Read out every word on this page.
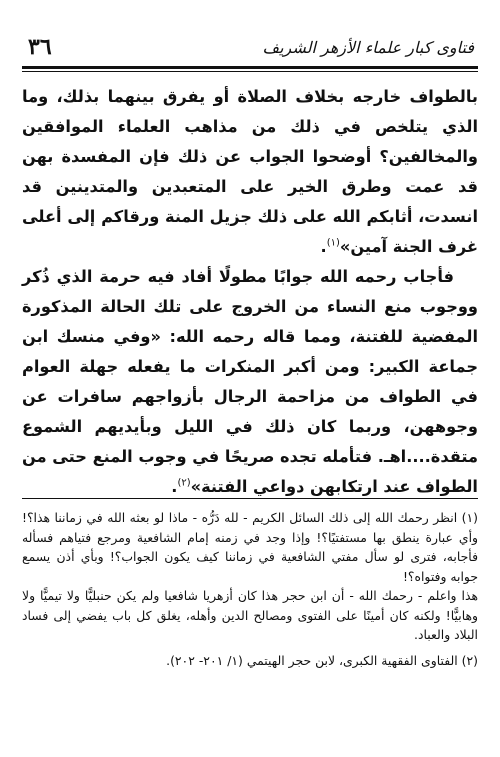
فتاوى كبار علماء الأزهر الشريف
٣٦

بالطواف خارجه بخلاف الصلاة أو يفرق بينهما بذلك، وما الذي يتلخص في ذلك من مذاهب العلماء الموافقين والمخالفين؟ أوضحوا الجواب عن ذلك فإن المفسدة بهن قد عمت وطرق الخير على المتعبدين والمتدينين قد انسدت، أثابكم الله على ذلك جزيل المنة ورقاكم إلى أعلى غرف الجنة آمين»$^{(١)}$.

فأجاب رحمه الله جوابًا مطولًا أفاد فيه حرمة الذي ذُكر ووجوب منع النساء من الخروج على تلك الحالة المذكورة المفضية للفتنة، ومما قاله رحمه الله: «وفي منسك ابن جماعة الكبير: ومن أكبر المنكرات ما يفعله جهلة العوام في الطواف من مزاحمة الرجال بأزواجهم سافرات عن وجوههن، وربما كان ذلك في الليل وبأيديهم الشموع متقدة....اهـ. فتأمله تجده صريحًا في وجوب المنع حتى من الطواف عند ارتكابهن دواعي الفتنة»$^{(٢)}$.

(١) انظر رحمك الله إلى ذلك السائل الكريم - لله دَرُّه - ماذا لو بعثه الله في زماننا هذا؟! وأي عبارة ينطق بها مستفتيًا؟! وإذا وجد في زمنه إمام الشافعية ومرجع فتياهم فسأله فأجابه، فترى لو سأل مفتي الشافعية في زماننا كيف يكون الجواب؟! وبأي أذن يسمع جوابه وفتواه؟!

هذا واعلم - رحمك الله - أن ابن حجر هذا كان أزهريا شافعيا ولم يكن حنبليًّا ولا تيميًّا ولا وهابيًّا! ولكنه كان أمينًا على الفتوى ومصالح الدين وأهله، يغلق كل باب يفضي إلى فساد البلاد والعباد.

(٢) الفتاوى الفقهية الكبرى، لابن حجر الهيتمي (١/ ٢٠١- ٢٠٢).
